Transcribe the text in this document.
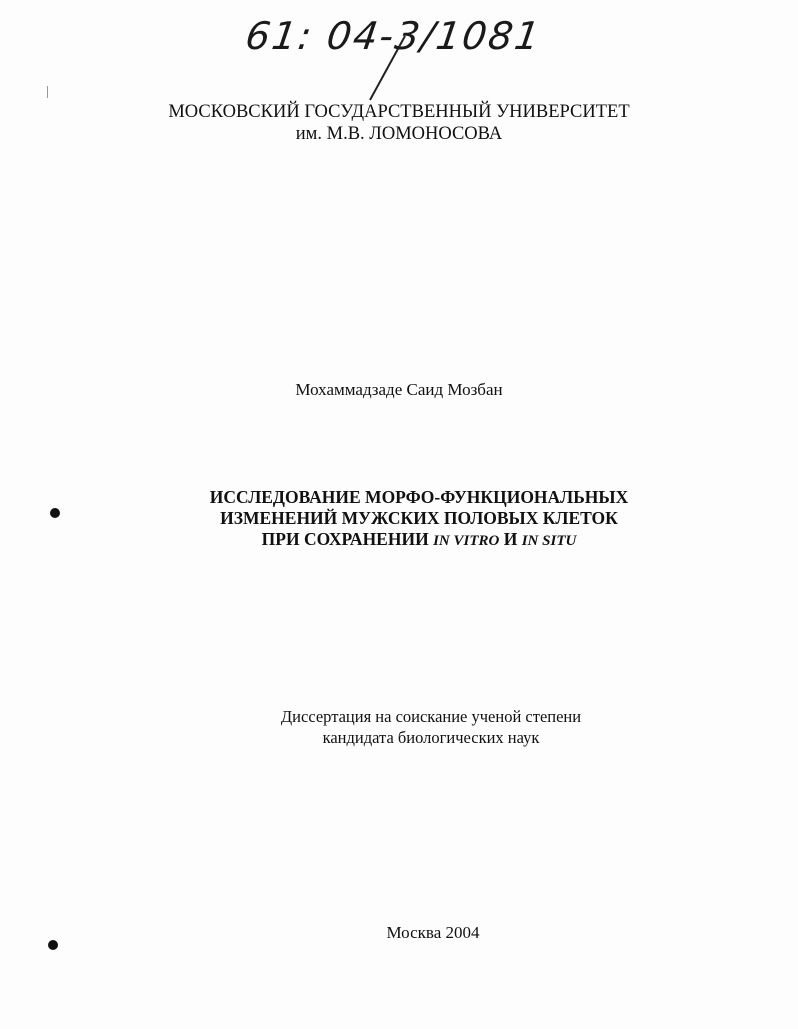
61: 04-3/1081
МОСКОВСКИЙ ГОСУДАРСТВЕННЫЙ УНИВЕРСИТЕТ
им. М.В. ЛОМОНОСОВА
Мохаммадзаде Саид Мозбан
ИССЛЕДОВАНИЕ МОРФО-ФУНКЦИОНАЛЬНЫХ
ИЗМЕНЕНИЙ МУЖСКИХ ПОЛОВЫХ КЛЕТОК
ПРИ СОХРАНЕНИИ IN VITRO И IN SITU
Диссертация на соискание ученой степени
кандидата биологических наук
Москва 2004
